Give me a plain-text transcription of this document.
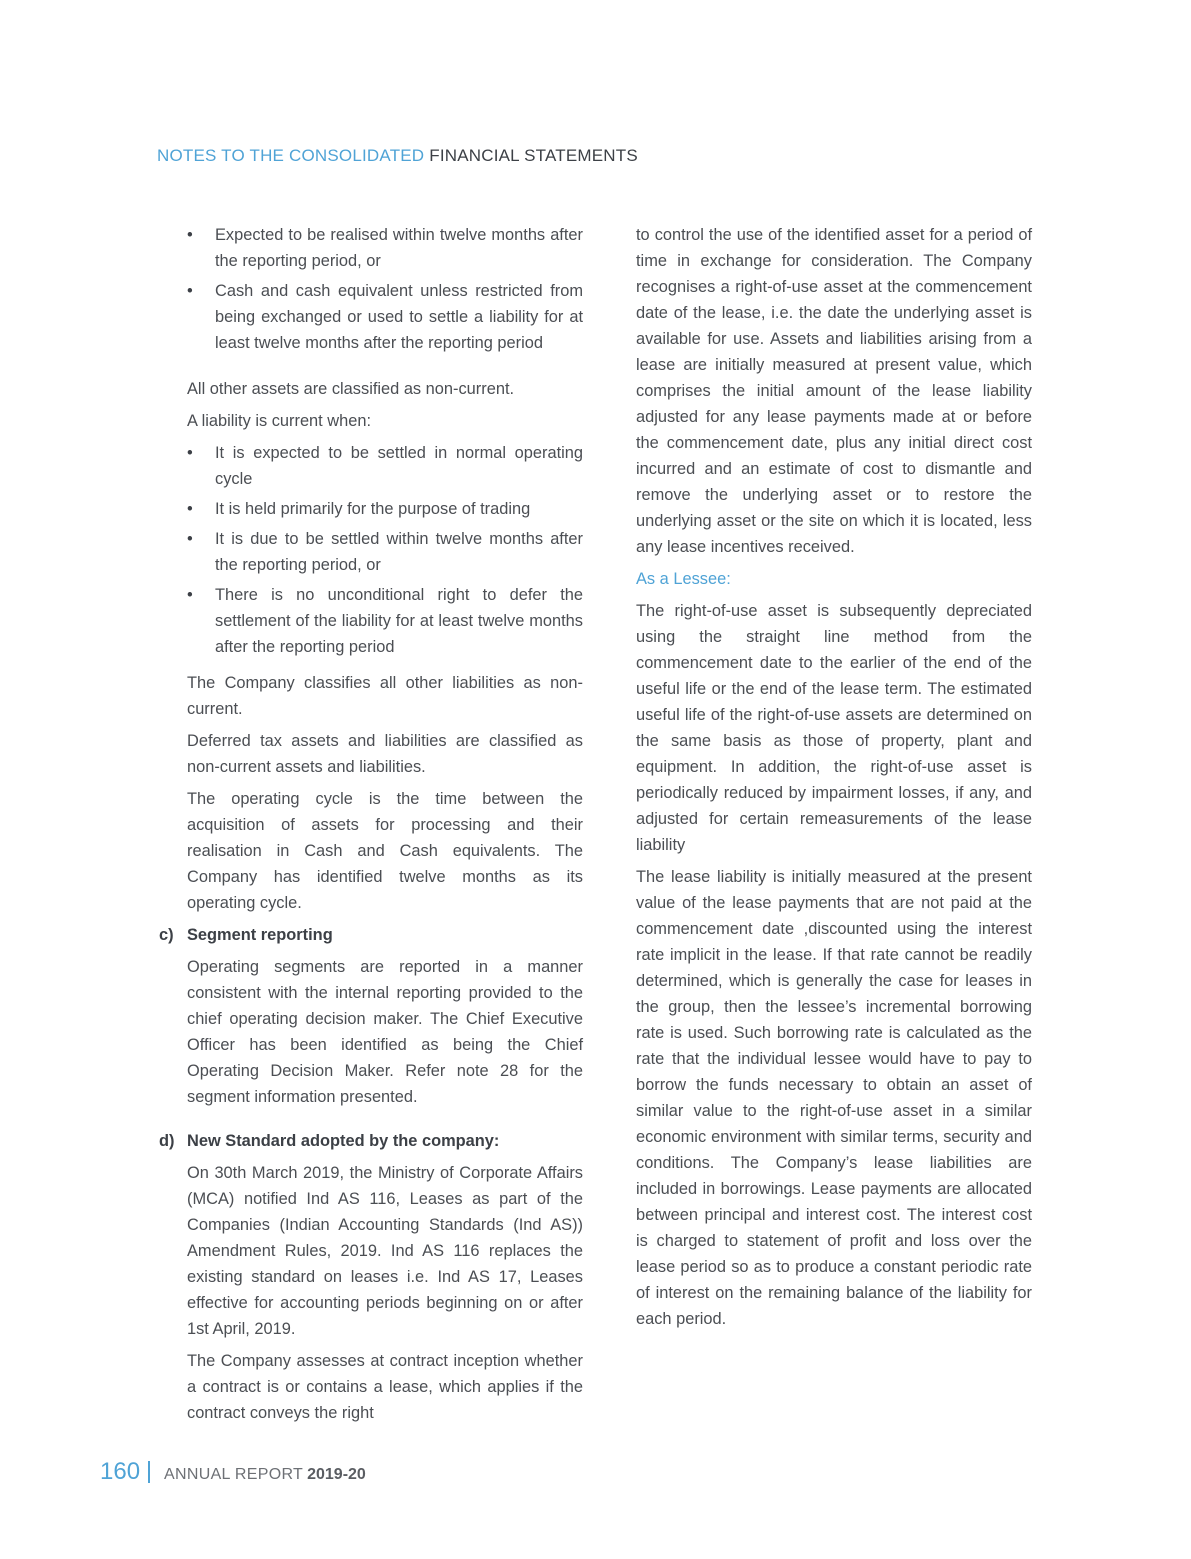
NOTES TO THE CONSOLIDATED FINANCIAL STATEMENTS
• Expected to be realised within twelve months after the reporting period, or
• Cash and cash equivalent unless restricted from being exchanged or used to settle a liability for at least twelve months after the reporting period

All other assets are classified as non-current.

A liability is current when:

• It is expected to be settled in normal operating cycle
• It is held primarily for the purpose of trading
• It is due to be settled within twelve months after the reporting period, or
• There is no unconditional right to defer the settlement of the liability for at least twelve months after the reporting period

The Company classifies all other liabilities as non-current.

Deferred tax assets and liabilities are classified as non-current assets and liabilities.

The operating cycle is the time between the acquisition of assets for processing and their realisation in Cash and Cash equivalents. The Company has identified twelve months as its operating cycle.

c) Segment reporting

Operating segments are reported in a manner consistent with the internal reporting provided to the chief operating decision maker. The Chief Executive Officer has been identified as being the Chief Operating Decision Maker. Refer note 28 for the segment information presented.

d) New Standard adopted by the company:

On 30th March 2019, the Ministry of Corporate Affairs (MCA) notified Ind AS 116, Leases as part of the Companies (Indian Accounting Standards (Ind AS)) Amendment Rules, 2019. Ind AS 116 replaces the existing standard on leases i.e. Ind AS 17, Leases effective for accounting periods beginning on or after 1st April, 2019.

The Company assesses at contract inception whether a contract is or contains a lease, which applies if the contract conveys the right

to control the use of the identified asset for a period of time in exchange for consideration. The Company recognises a right-of-use asset at the commencement date of the lease, i.e. the date the underlying asset is available for use. Assets and liabilities arising from a lease are initially measured at present value, which comprises the initial amount of the lease liability adjusted for any lease payments made at or before the commencement date, plus any initial direct cost incurred and an estimate of cost to dismantle and remove the underlying asset or to restore the underlying asset or the site on which it is located, less any lease incentives received.

As a Lessee:

The right-of-use asset is subsequently depreciated using the straight line method from the commencement date to the earlier of the end of the useful life or the end of the lease term. The estimated useful life of the right-of-use assets are determined on the same basis as those of property, plant and equipment. In addition, the right-of-use asset is periodically reduced by impairment losses, if any, and adjusted for certain remeasurements of the lease liability

The lease liability is initially measured at the present value of the lease payments that are not paid at the commencement date ,discounted using the interest rate implicit in the lease. If that rate cannot be readily determined, which is generally the case for leases in the group, then the lessee’s incremental borrowing rate is used. Such borrowing rate is calculated as the rate that the individual lessee would have to pay to borrow the funds necessary to obtain an asset of similar value to the right-of-use asset in a similar economic environment with similar terms, security and conditions. The Company’s lease liabilities are included in borrowings. Lease payments are allocated between principal and interest cost. The interest cost is charged to statement of profit and loss over the lease period so as to produce a constant periodic rate of interest on the remaining balance of the liability for each period.

160 ANNUAL REPORT 2019-20
